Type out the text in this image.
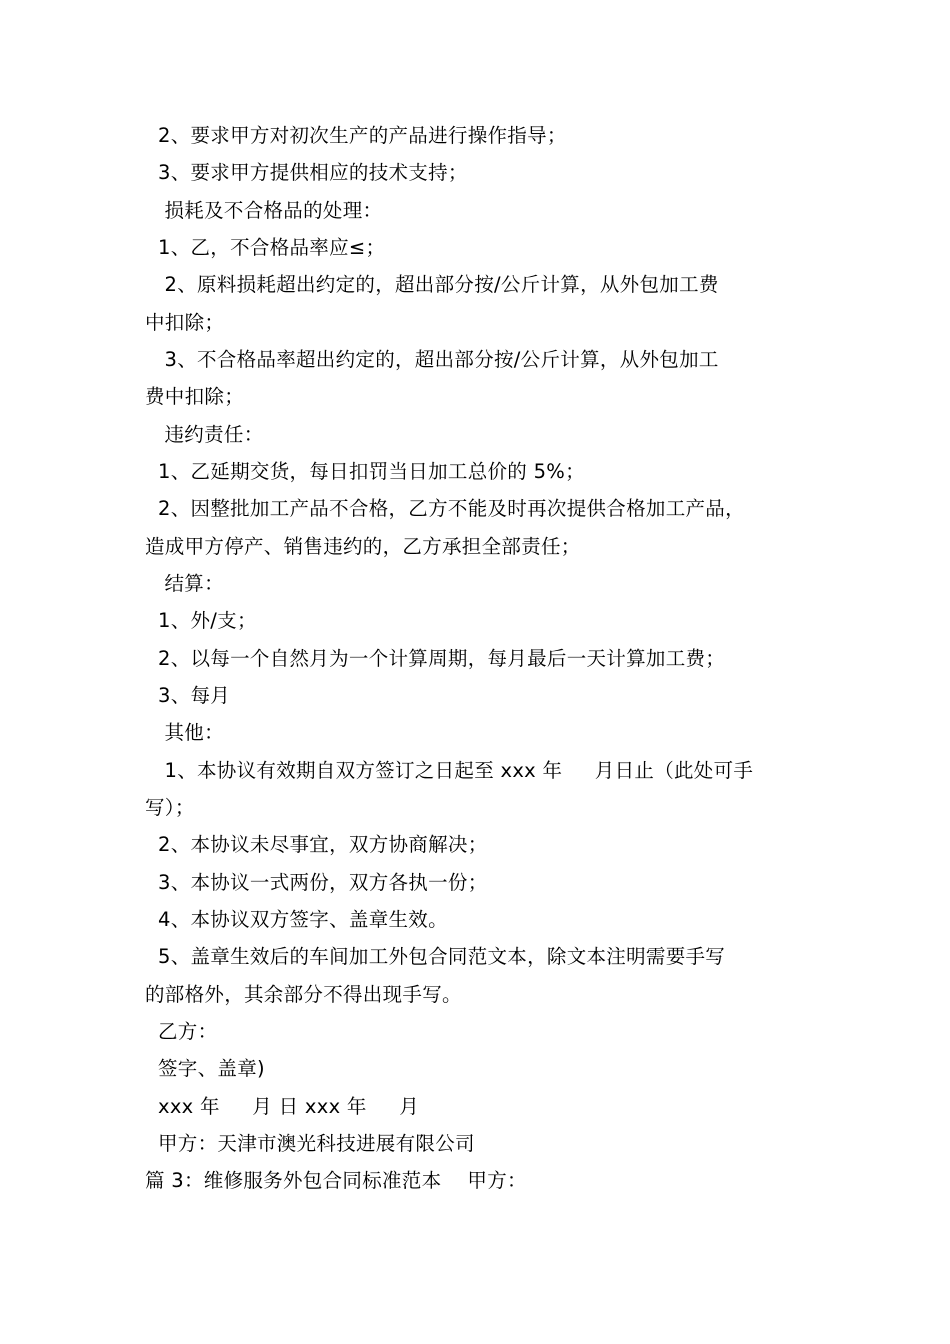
2、要求甲方对初次生产的产品进行操作指导；
3、要求甲方提供相应的技术支持；
损耗及不合格品的处理：
1、乙，不合格品率应≤；
2、原料损耗超出约定的，超出部分按/公斤计算，从外包加工费
中扣除；
3、不合格品率超出约定的，超出部分按/公斤计算，从外包加工
费中扣除；
违约责任：
1、乙延期交货，每日扣罚当日加工总价的 5%；
2、因整批加工产品不合格，乙方不能及时再次提供合格加工产品，
造成甲方停产、销售违约的，乙方承担全部责任；
结算：
1、外/支；
2、以每一个自然月为一个计算周期，每月最后一天计算加工费；
3、每月
其他：
1、本协议有效期自双方签订之日起至 xxx 年     月日止（此处可手
写）；
2、本协议未尽事宜，双方协商解决；
3、本协议一式两份，双方各执一份；
4、本协议双方签字、盖章生效。
5、盖章生效后的车间加工外包合同范文本，除文本注明需要手写
的部格外，其余部分不得出现手写。
乙方：
签字、盖章)
xxx 年     月 日 xxx 年     月
甲方：天津市澳光科技进展有限公司
篇 3：维修服务外包合同标准范本    甲方：
